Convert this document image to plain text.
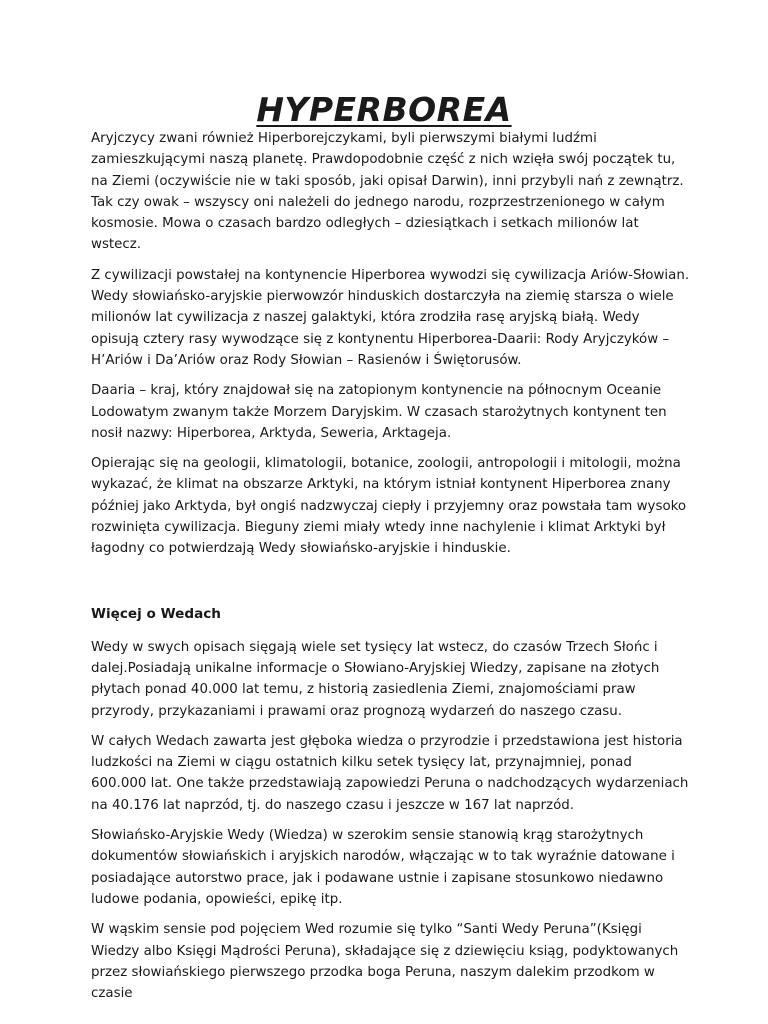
HYPERBOREA

Aryjczycy zwani również Hiperborejczykami, byli pierwszymi białymi ludźmi zamieszkującymi naszą planetę. Prawdopodobnie część z nich wzięła swój początek tu, na Ziemi (oczywiście nie w taki sposób, jaki opisał Darwin), inni przybyli nań z zewnątrz. Tak czy owak – wszyscy oni należeli do jednego narodu, rozprzestrzenionego w całym kosmosie. Mowa o czasach bardzo odległych – dziesiątkach i setkach milionów lat wstecz.

Z cywilizacji powstałej na kontynencie Hiperborea wywodzi się cywilizacja Ariów-Słowian. Wedy słowiańsko-aryjskie pierwowzór hinduskich dostarczyła na ziemię starsza o wiele milionów lat cywilizacja z naszej galaktyki, która zrodziła rasę aryjską białą. Wedy opisują cztery rasy wywodzące się z kontynentu Hiperborea-Daarii: Rody Aryjczyków – H’Ariów i Da’Ariów oraz Rody Słowian – Rasienów i Świętorusów.

Daaria – kraj, który znajdował się na zatopionym kontynencie na północnym Oceanie Lodowatym zwanym także Morzem Daryjskim. W czasach starożytnych kontynent ten nosił nazwy: Hiperborea, Arktyda, Seweria, Arktageja.

Opierając się na geologii, klimatologii, botanice, zoologii, antropologii i mitologii, można wykazać, że klimat na obszarze Arktyki, na którym istniał kontynent Hiperborea znany później jako Arktyda, był ongiś nadzwyczaj ciepły i przyjemny oraz powstała tam wysoko rozwinięta cywilizacja. Bieguny ziemi miały wtedy inne nachylenie i klimat Arktyki był łagodny co potwierdzają Wedy słowiańsko-aryjskie i hinduskie.

Więcej o Wedach

Wedy w swych opisach sięgają wiele set tysięcy lat wstecz, do czasów Trzech Słońc i dalej.Posiadają unikalne informacje o Słowiano-Aryjskiej Wiedzy, zapisane na złotych płytach ponad 40.000 lat temu, z historią zasiedlenia Ziemi, znajomościami praw przyrody, przykazaniami i prawami oraz prognozą wydarzeń do naszego czasu.

W całych Wedach zawarta jest głęboka wiedza o przyrodzie i przedstawiona jest historia ludzkości na Ziemi w ciągu ostatnich kilku setek tysięcy lat, przynajmniej, ponad 600.000 lat. One także przedstawiają zapowiedzi Peruna o nadchodzących wydarzeniach na 40.176 lat naprzód, tj. do naszego czasu i jeszcze w 167 lat naprzód.

Słowiańsko-Aryjskie Wedy (Wiedza) w szerokim sensie stanowią krąg starożytnych dokumentów słowiańskich i aryjskich narodów, włączając w to tak wyraźnie datowane i posiadające autorstwo prace, jak i podawane ustnie i zapisane stosunkowo niedawno ludowe podania, opowieści, epikę itp.

W wąskim sensie pod pojęciem Wed rozumie się tylko “Santi Wedy Peruna”(Księgi Wiedzy albo Księgi Mądrości Peruna), składające się z dziewięciu ksiąg, podyktowanych przez słowiańskiego pierwszego przodka boga Peruna, naszym dalekim przodkom w czasie
